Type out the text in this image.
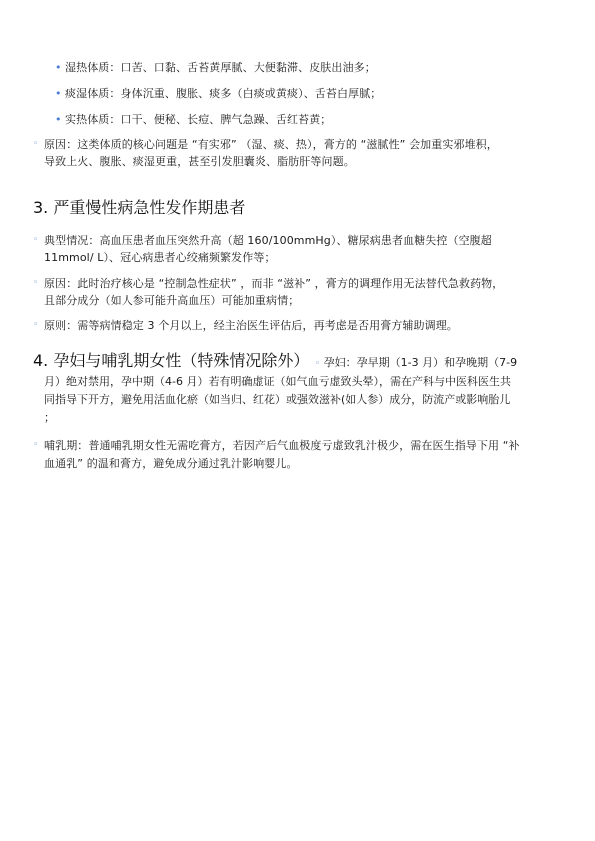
• 湿热体质：口苦、口黏、舌苔黄厚腻、大便黏滞、皮肤出油多；
• 痰湿体质：身体沉重、腹胀、痰多（白痰或黄痰）、舌苔白厚腻；
• 实热体质：口干、便秘、长痘、脾气急躁、舌红苔黄；
◦ 原因：这类体质的核心问题是 “有实邪” （湿、痰、热），膏方的 “滋腻性” 会加重实邪堆积，
导致上火、腹胀、痰湿更重，甚至引发胆囊炎、脂肪肝等问题。
3. 严重慢性病急性发作期患者
◦ 典型情况：高血压患者血压突然升高（超 160/100mmHg）、糖尿病患者血糖失控（空腹超
11mmol/ L）、冠心病患者心绞痛频繁发作等；
◦ 原因：此时治疗核心是 “控制急性症状” ，而非 “滋补” ，膏方的调理作用无法替代急救药物，
且部分成分（如人参可能升高血压）可能加重病情；
◦ 原则：需等病情稳定 3 个月以上，经主治医生评估后，再考虑是否用膏方辅助调理。
4. 孕妇与哺乳期女性（特殊情况除外） ◦ 孕妇：孕早期（1-3 月）和孕晚期（7-9
月）绝对禁用，孕中期（4-6 月）若有明确虚证（如气血亏虚致头晕），需在产科与中医科医生共
同指导下开方，避免用活血化瘀（如当归、红花）或强效滋补(如人参）成分，防流产或影响胎儿
；
◦ 哺乳期：普通哺乳期女性无需吃膏方，若因产后气血极度亏虚致乳汁极少，需在医生指导下用 “补
血通乳” 的温和膏方，避免成分通过乳汁影响婴儿。
